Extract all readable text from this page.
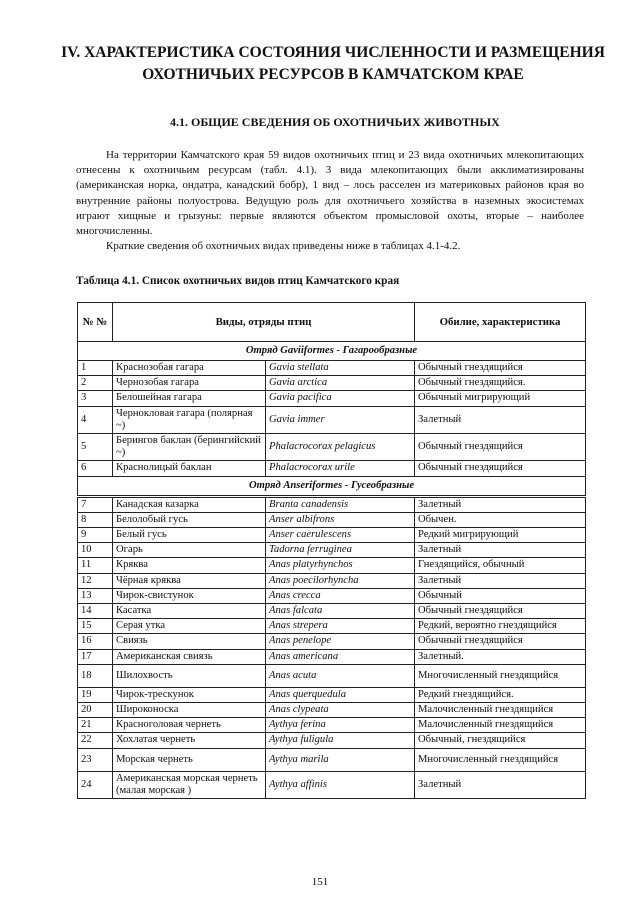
IV. ХАРАКТЕРИСТИКА СОСТОЯНИЯ ЧИСЛЕННОСТИ И РАЗМЕЩЕНИЯ ОХОТНИЧЬИХ РЕСУРСОВ В КАМЧАТСКОМ КРАЕ
4.1. ОБЩИЕ СВЕДЕНИЯ ОБ ОХОТНИЧЬИХ ЖИВОТНЫХ

На территории Камчатского края 59 видов охотничьих птиц и 23 вида охотничьих млекопитающих отнесены к охотничьим ресурсам (табл. 4.1). 3 вида млекопитающих были акклиматизированы (американская норка, ондатра, канадский бобр), 1 вид – лось расселен из материковых районов края во внутренние районы полуострова. Ведущую роль для охотничьего хозяйства в наземных экосистемах играют хищные и грызуны: первые являются объектом промысловой охоты, вторые – наиболее многочисленны.

Краткие сведения об охотничьих видах приведены ниже в таблицах 4.1-4.2.

Таблица 4.1. Список охотничьих видов птиц Камчатского края
№ №	Виды, отряды птиц		Обилие, характеристика
Отряд Gaviiformes - Гагарообразные			
1	Краснозобая гагара	Gavia stellata	Обычный гнездящийся
2	Чернозобая гагара	Gavia arctica	Обычный гнездящийся.
3	Белошейная гагара	Gavia pacifica	Обычный мигрирующий
4	Чернокловая гагара (полярная ~)	Gavia immer	Залетный
5	Берингов баклан (берингийский ~)	Phalacrocorax pelagicus	Обычный гнездящийся
6	Краснолицый баклан	Phalacrocorax urile	Обычный гнездящийся
Отряд Anseriformes - Гусеобразные			
7	Канадская казарка	Branta canadensis	Залетный
8	Белолобый гусь	Anser albifrons	Обычен.
9	Белый гусь	Anser caerulescens	Редкий мигрирующий
10	Огарь	Tadorna ferruginea	Залетный
11	Кряква	Anas platyrhynchos	Гнездящийся, обычный
12	Чёрная кряква	Anas poecilorhyncha	Залетный
13	Чирок-свистунок	Anas crecca	Обычный
14	Касатка	Anas falcata	Обычный гнездящийся
15	Серая утка	Anas strepera	Редкий, вероятно гнездящийся
16	Свиязь	Anas penelope	Обычный гнездящийся
17	Американская свиязь	Anas americana	Залетный.
18	Шилохвость	Anas acuta	Многочисленный гнездящийся
19	Чирок-трескунок	Anas querquedula	Редкий гнездящийся.
20	Широконоска	Anas clypeata	Малочисленный гнездящийся
21	Красноголовая чернеть	Aythya ferina	Малочисленный гнездящийся
22	Хохлатая чернеть	Aythya fuligula	Обычный, гнездящийся
23	Морская чернеть	Aythya marila	Многочисленный гнездящийся
24	Американская морская чернеть (малая морская )	Aythya affinis	Залетный
151
